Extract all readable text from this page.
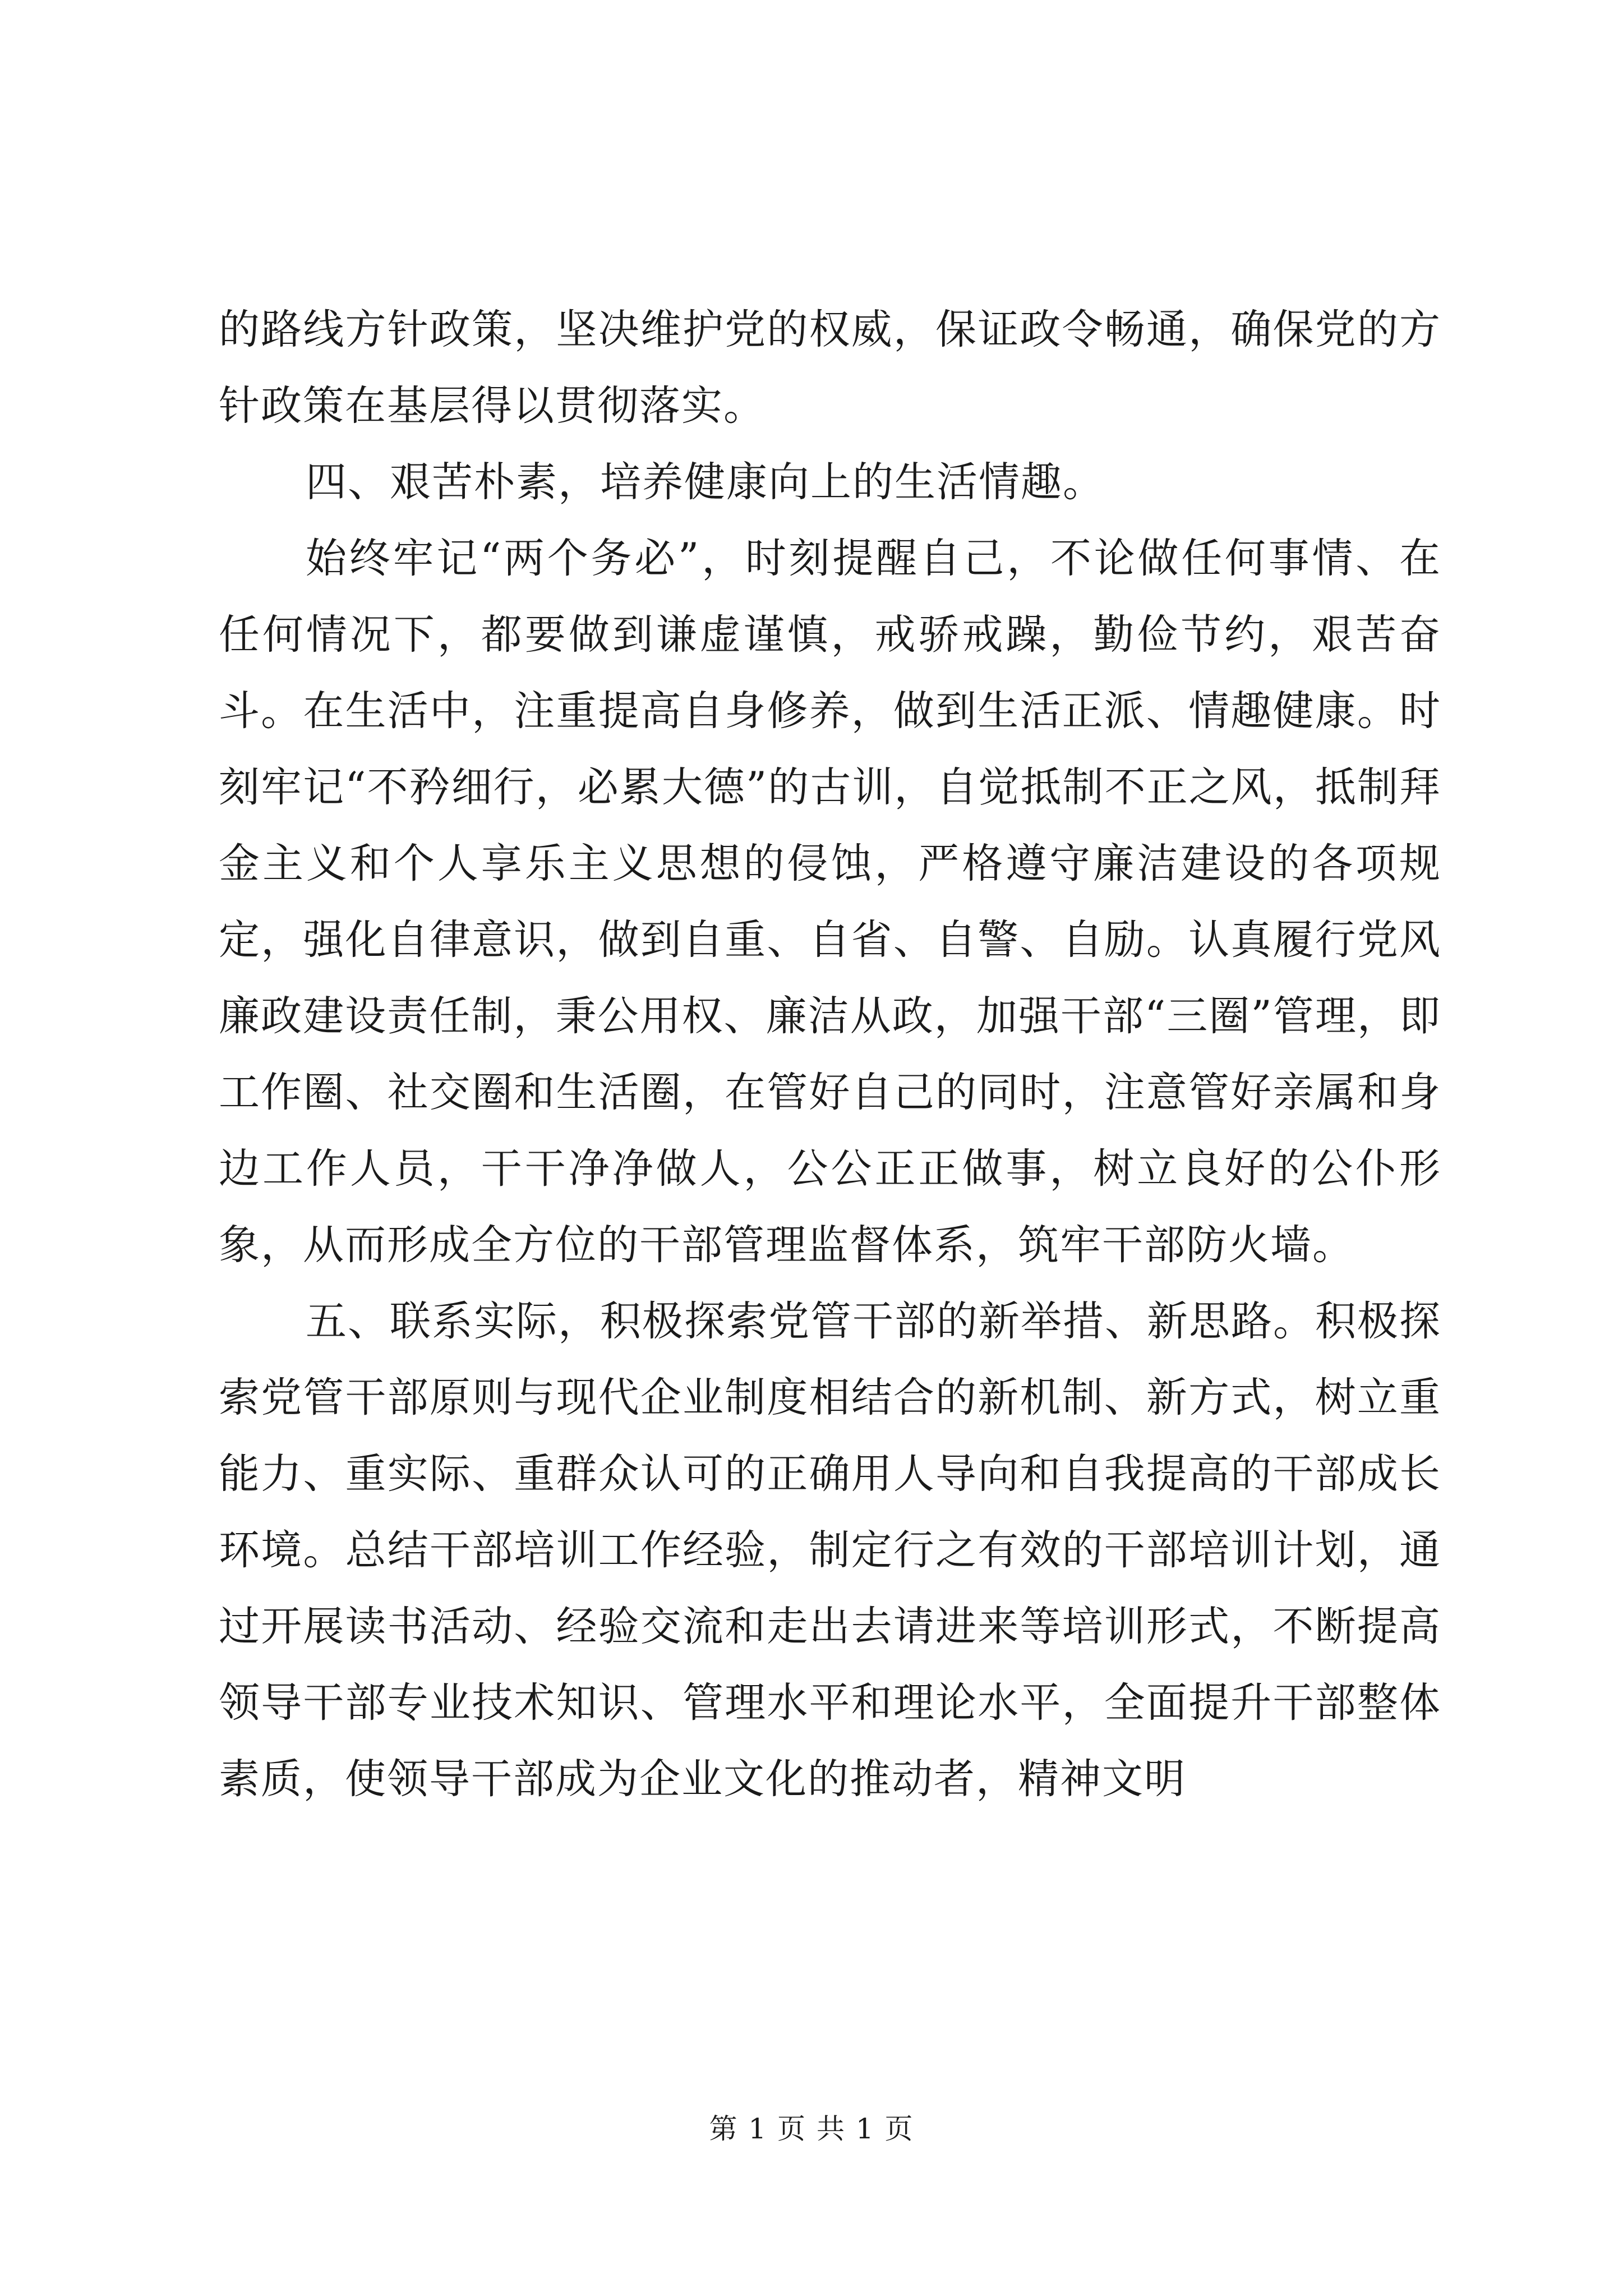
的路线方针政策，坚决维护党的权威，保证政令畅通，确保党的方针政策在基层得以贯彻落实。

四、艰苦朴素，培养健康向上的生活情趣。

始终牢记“两个务必”，时刻提醒自己，不论做任何事情、在任何情况下，都要做到谦虚谨慎，戒骄戒躁，勤俭节约，艰苦奋斗。在生活中，注重提高自身修养，做到生活正派、情趣健康。时刻牢记“不矜细行，必累大德”的古训，自觉抵制不正之风，抵制拜金主义和个人享乐主义思想的侵蚀，严格遵守廉洁建设的各项规定，强化自律意识，做到自重、自省、自警、自励。认真履行党风廉政建设责任制，秉公用权、廉洁从政，加强干部“三圈”管理，即工作圈、社交圈和生活圈，在管好自己的同时，注意管好亲属和身边工作人员，干干净净做人，公公正正做事，树立良好的公仆形象，从而形成全方位的干部管理监督体系，筑牢干部防火墙。

五、联系实际，积极探索党管干部的新举措、新思路。积极探索党管干部原则与现代企业制度相结合的新机制、新方式，树立重能力、重实际、重群众认可的正确用人导向和自我提高的干部成长环境。总结干部培训工作经验，制定行之有效的干部培训计划，通过开展读书活动、经验交流和走出去请进来等培训形式，不断提高领导干部专业技术知识、管理水平和理论水平，全面提升干部整体素质，使领导干部成为企业文化的推动者，精神文明

第 1 页 共 1 页
